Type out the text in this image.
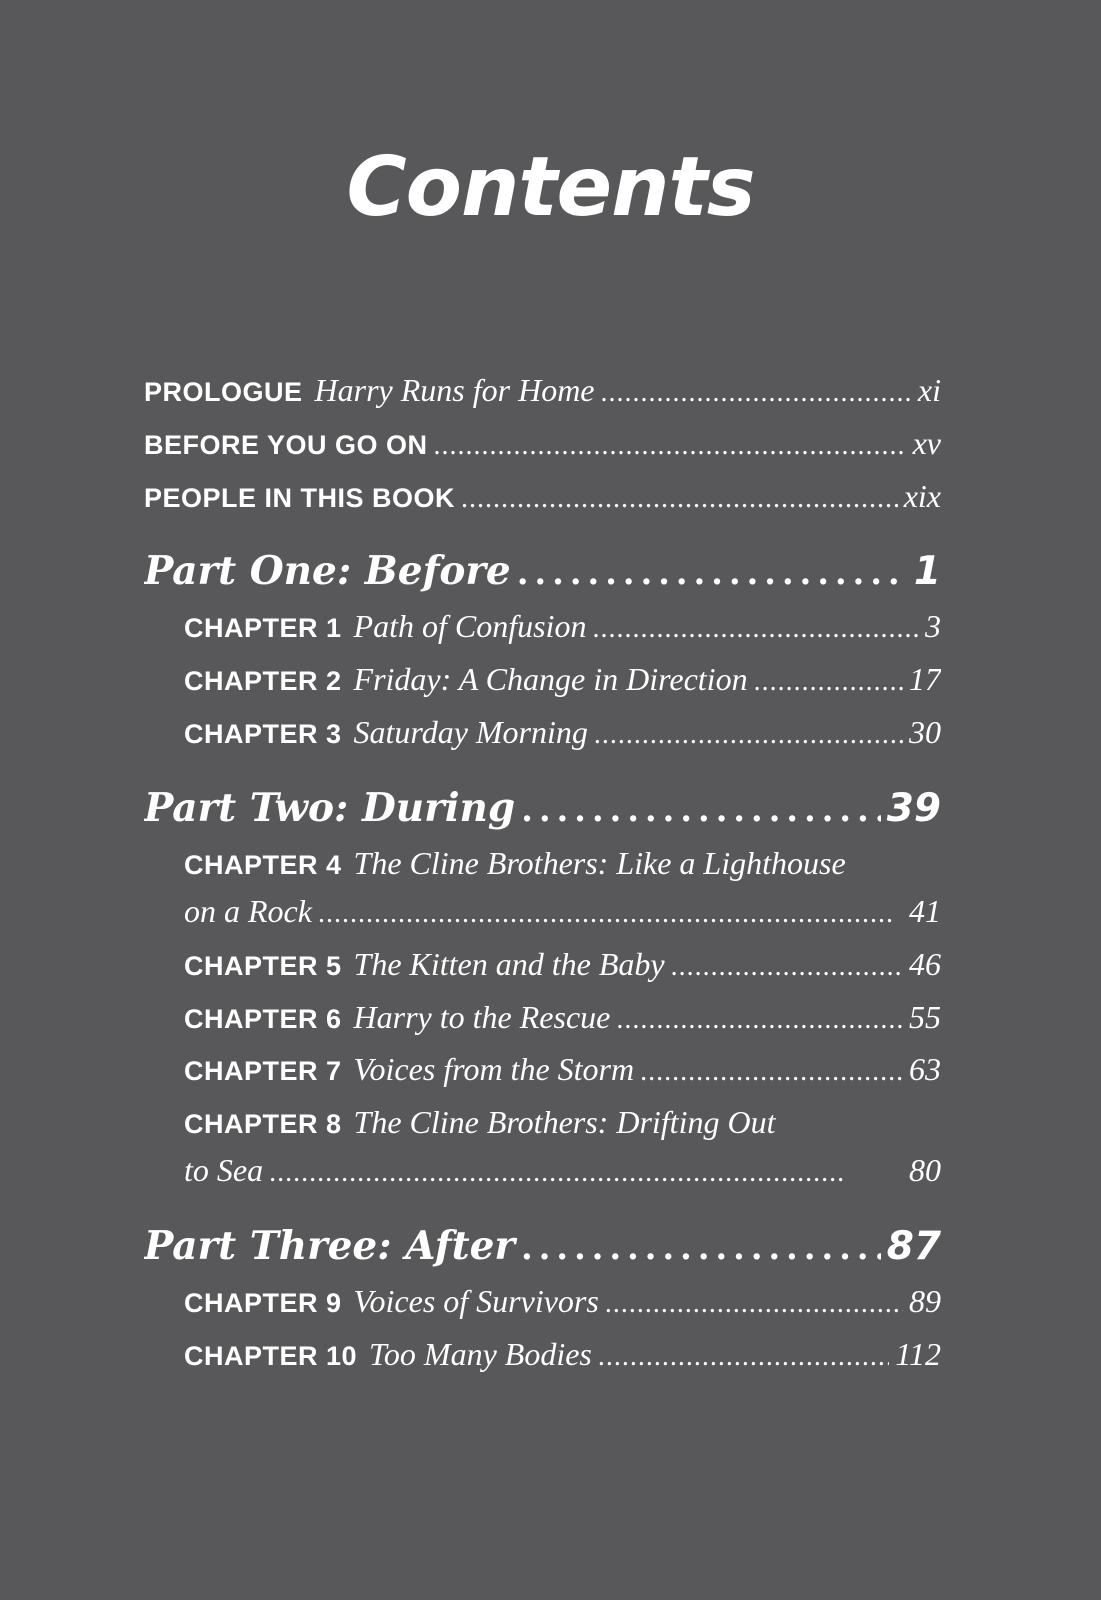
Contents
PROLOGUE Harry Runs for Home . . .	xi
BEFORE YOU GO ON . . .	xv
PEOPLE IN THIS BOOK . . .	xix
Part One: Before . . .	1
CHAPTER 1 Path of Confusion . . .	3
CHAPTER 2 Friday: A Change in Direction . . .	17
CHAPTER 3 Saturday Morning . . .	30
Part Two: During . . .	39
CHAPTER 4 The Cline Brothers: Like a Lighthouse
on a Rock . . .	41
CHAPTER 5 The Kitten and the Baby . . .	46
CHAPTER 6 Harry to the Rescue . . .	55
CHAPTER 7 Voices from the Storm . . .	63
CHAPTER 8 The Cline Brothers: Drifting Out
to Sea . . .	80
Part Three: After . . .	87
CHAPTER 9 Voices of Survivors . . .	89
CHAPTER 10 Too Many Bodies . . .	112
